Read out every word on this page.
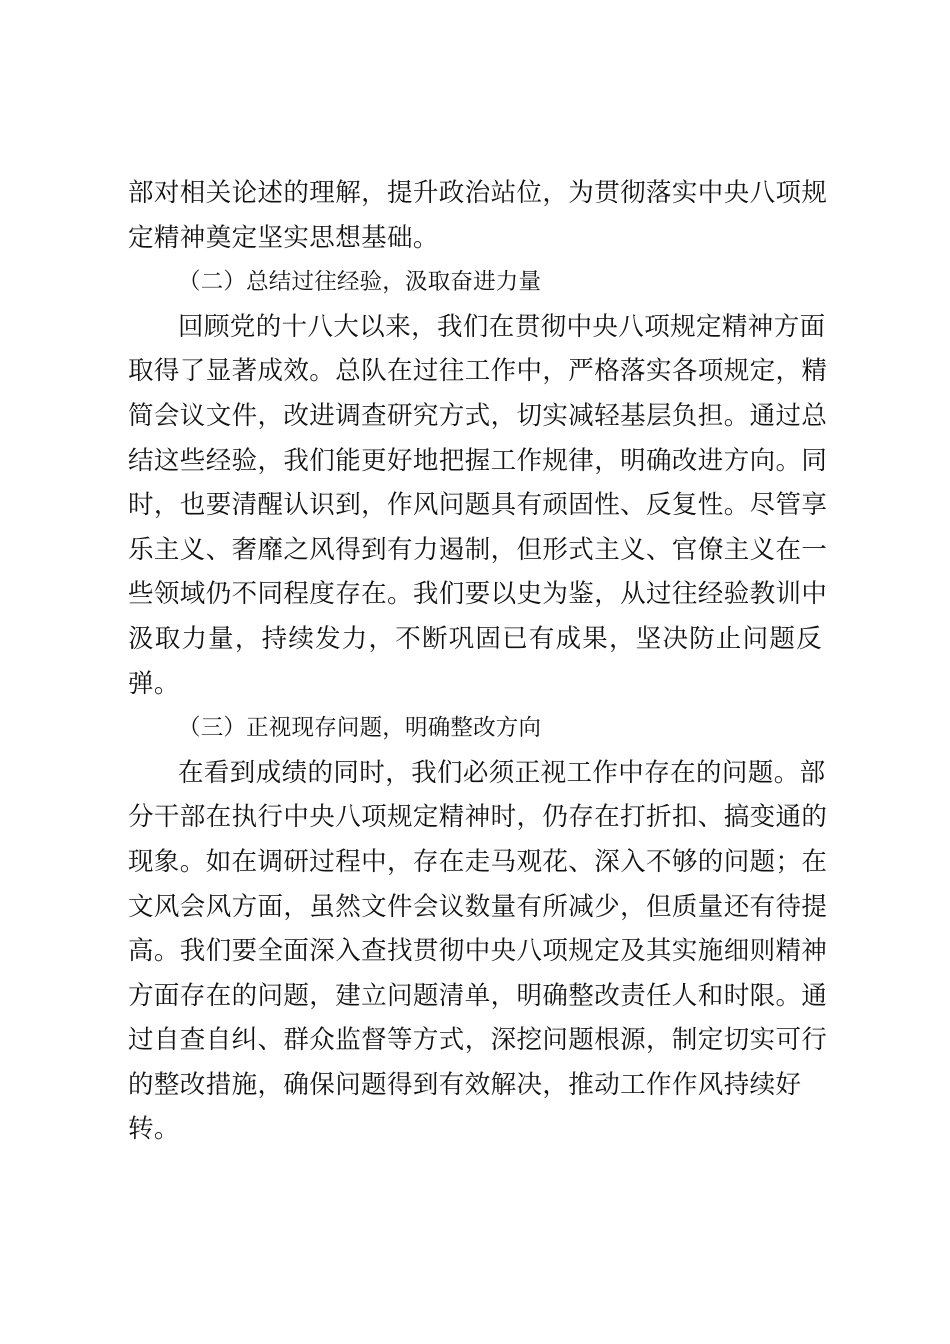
部对相关论述的理解，提升政治站位，为贯彻落实中央八项规
定精神奠定坚实思想基础。
（二）总结过往经验，汲取奋进力量
回顾党的十八大以来，我们在贯彻中央八项规定精神方面
取得了显著成效。总队在过往工作中，严格落实各项规定，精
简会议文件，改进调查研究方式，切实减轻基层负担。通过总
结这些经验，我们能更好地把握工作规律，明确改进方向。同
时，也要清醒认识到，作风问题具有顽固性、反复性。尽管享
乐主义、奢靡之风得到有力遏制，但形式主义、官僚主义在一
些领域仍不同程度存在。我们要以史为鉴，从过往经验教训中
汲取力量，持续发力，不断巩固已有成果，坚决防止问题反
弹。
（三）正视现存问题，明确整改方向
在看到成绩的同时，我们必须正视工作中存在的问题。部
分干部在执行中央八项规定精神时，仍存在打折扣、搞变通的
现象。如在调研过程中，存在走马观花、深入不够的问题；在
文风会风方面，虽然文件会议数量有所减少，但质量还有待提
高。我们要全面深入查找贯彻中央八项规定及其实施细则精神
方面存在的问题，建立问题清单，明确整改责任人和时限。通
过自查自纠、群众监督等方式，深挖问题根源，制定切实可行
的整改措施，确保问题得到有效解决，推动工作作风持续好
转。
